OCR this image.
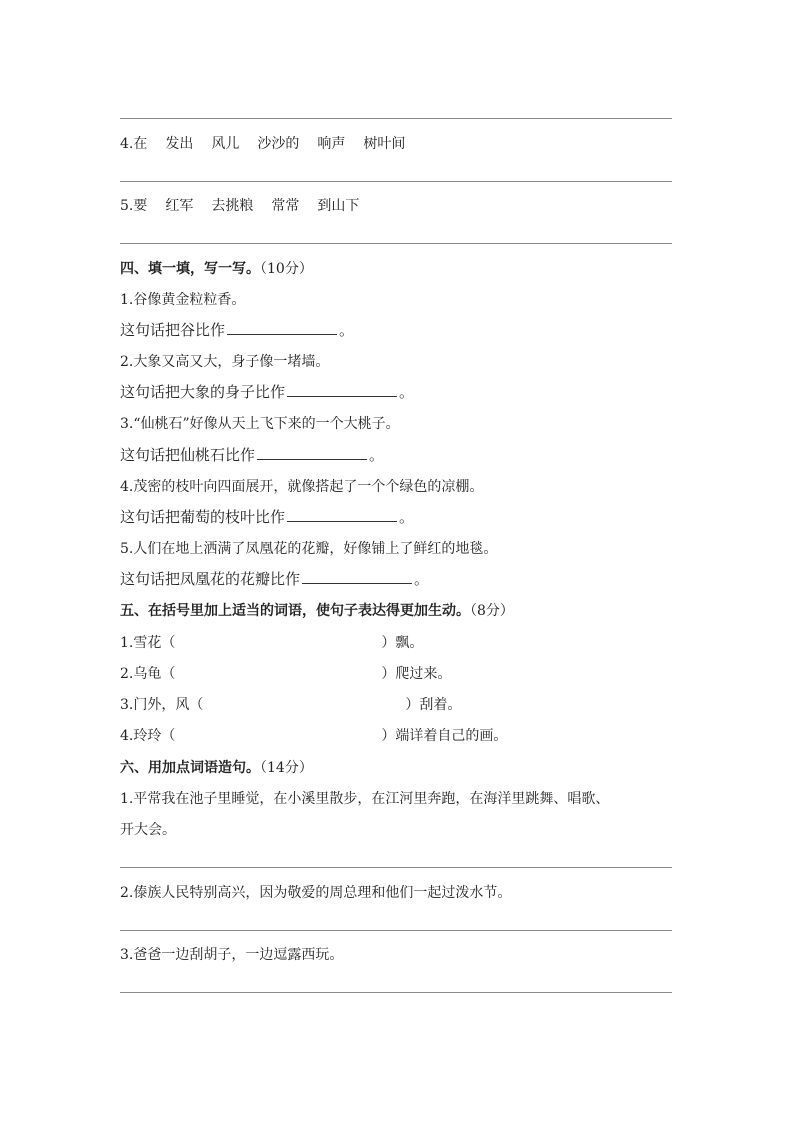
4.在 发出 风儿 沙沙的 响声 树叶间
5.要 红军 去挑粮 常常 到山下
四、填一填，写一写。（10分）
1.谷像黄金粒粒香。
这句话把谷比作	。
2.大象又高又大，身子像一堵墙。
这句话把大象的身子比作	。
3.“仙桃石”好像从天上飞下来的一个大桃子。
这句话把仙桃石比作	。
4.茂密的枝叶向四面展开，就像搭起了一个个绿色的凉棚。
这句话把葡萄的枝叶比作	。
5.人们在地上洒满了凤凰花的花瓣，好像铺上了鲜红的地毯。
这句话把凤凰花的花瓣比作	。
五、在括号里加上适当的词语，使句子表达得更加生动。（8分）
1.雪花（	）飘。
2.乌龟（	）爬过来。
3.门外，风（	）刮着。
4.玲玲（	）端详着自己的画。
六、用加点词语造句。（14分）
1.平常我在池子里睡觉，在小溪里散步，在江河里奔跑，在海洋里跳舞、唱歌、
开大会。
2.傣族人民特别高兴，因为敬爱的周总理和他们一起过泼水节。
3.爸爸一边刮胡子，一边逗露西玩。
